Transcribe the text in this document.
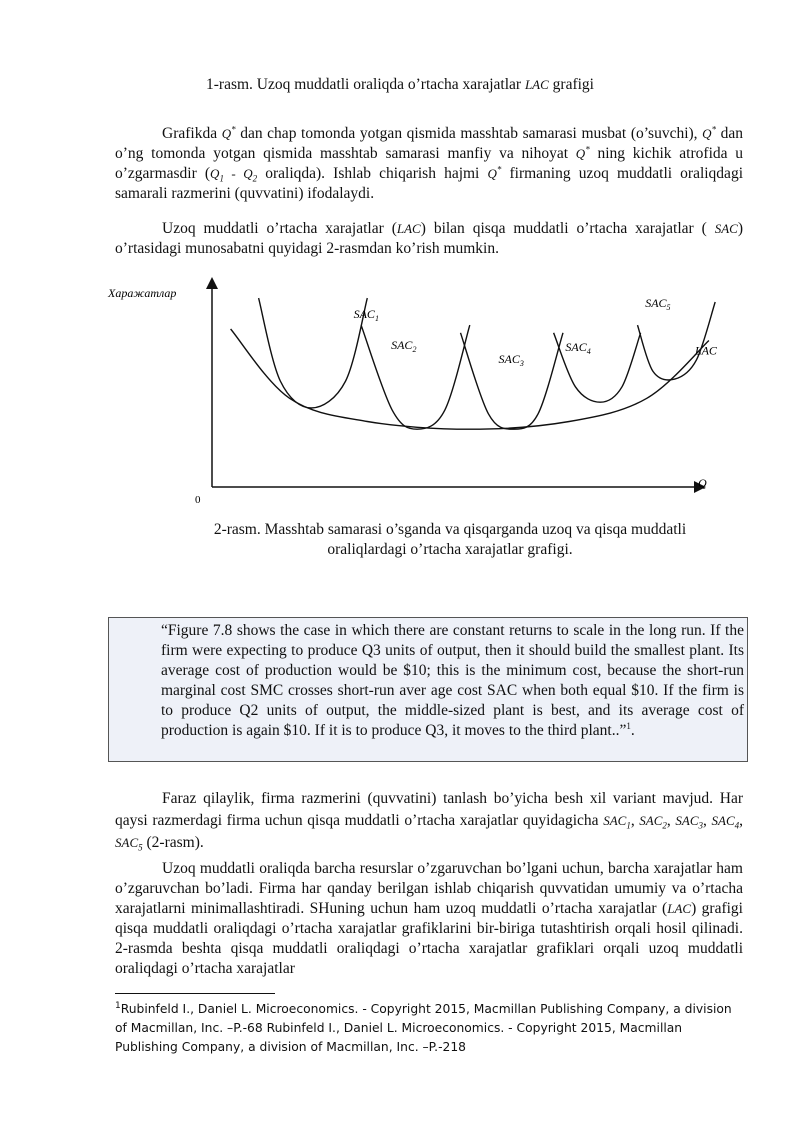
1-rasm. Uzoq muddatli oraliqda o’rtacha xarajatlar LAC grafigi
Grafikda Q* dan chap tomonda yotgan qismida masshtab samarasi musbat (o’suvchi), Q* dan o’ng tomonda yotgan qismida masshtab samarasi manfiy va nihoyat Q* ning kichik atrofida u o’zgarmasdir ($Q_1 - Q_2$ oraliqda). Ishlab chiqarish hajmi Q* firmaning uzoq muddatli oraliqdagi samarali razmerini (quvvatini) ifodalaydi.
Uzoq muddatli o’rtacha xarajatlar (LAC) bilan qisqa muddatli o’rtacha xarajatlar ( SAC) o’rtasidagi munosabatni quyidagi 2-rasmdan ko’rish mumkin.
Харажатлар
Q
0
$SAC_1$
$SAC_2$
$SAC_3$
$SAC_4$
$SAC_5$
LAC
2-rasm. Masshtab samarasi o’sganda va qisqarganda uzoq va qisqa muddatli
oraliqlardagi o’rtacha xarajatlar grafigi.
“Figure 7.8 shows the case in which there are constant returns to scale in the long run. If the firm were expecting to produce Q3 units of output, then it should build the smallest plant. Its average cost of production would be $10; this is the minimum cost, because the short-run marginal cost SMC crosses short-run aver age cost SAC when both equal $10. If the firm is to produce Q2 units of output, the middle-sized plant is best, and its average cost of production is again $10. If it is to produce Q3, it moves to the third plant..”$^1$.
Faraz qilaylik, firma razmerini (quvvatini) tanlash bo’yicha besh xil variant mavjud. Har qaysi razmerdagi firma uchun qisqa muddatli o’rtacha xarajatlar quyidagicha $SAC_1$, $SAC_2$, $SAC_3$, $SAC_4$, $SAC_5$ (2-rasm).
Uzoq muddatli oraliqda barcha resurslar o’zgaruvchan bo’lgani uchun, barcha xarajatlar ham o’zgaruvchan bo’ladi. Firma har qanday berilgan ishlab chiqarish quvvatidan umumiy va o’rtacha xarajatlarni minimallashtiradi. SHuning uchun ham uzoq muddatli o’rtacha xarajatlar (LAC) grafigi qisqa muddatli oraliqdagi o’rtacha xarajatlar grafiklarini bir-biriga tutashtirish orqali hosil qilinadi. 2-rasmda beshta qisqa muddatli oraliqdagi o’rtacha xarajatlar grafiklari orqali uzoq muddatli oraliqdagi o’rtacha xarajatlar
$^1$Rubinfeld I., Daniel L. Microeconomics. - Copyright 2015, Macmillan Publishing Company, a division of Macmillan, Inc. –P.-68 Rubinfeld I., Daniel L. Microeconomics. - Copyright 2015, Macmillan Publishing Company, a division of Macmillan, Inc. –P.-218
